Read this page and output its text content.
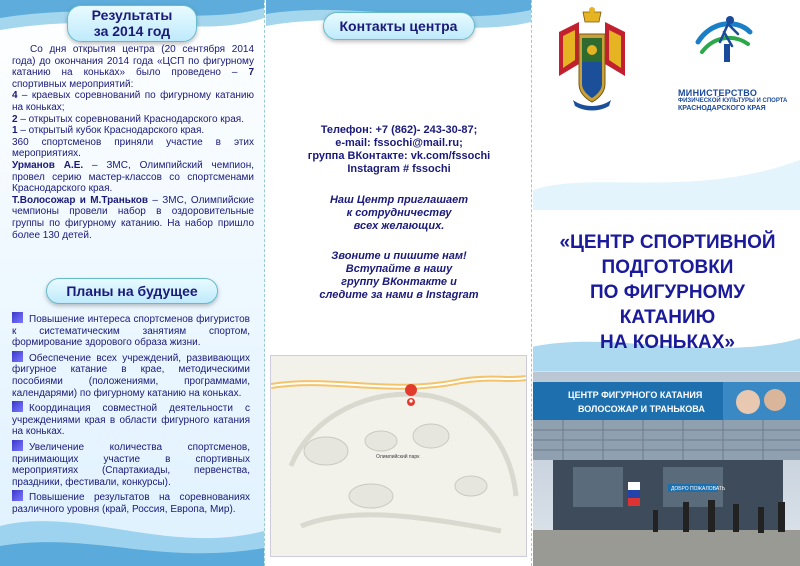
Результаты
за 2014 год

Со дня открытия центра (20 сентября 2014 года) до окончания 2014 года «ЦСП по фигурному катанию на коньках» было проведено – 7 спортивных мероприятий:

4 – краевых соревнований по фигурному катанию на коньках;

2 – открытых соревнований Краснодарского края.

1 – открытый кубок Краснодарского края.

360 спортсменов приняли участие в этих мероприятиях.

Урманов А.Е. – ЗМС, Олимпийский чемпион, провел серию мастер-классов со спортсменами Краснодарского края.

Т.Волосожар и М.Траньков – ЗМС, Олимпийские чемпионы провели набор в оздоровительные группы по фигурному катанию. На набор пришло более 130 детей.

Планы на будущее

Повышение интереса спортсменов фигуристов к систематическим занятиям спортом, формирование здорового образа жизни.

Обеспечение всех учреждений, развивающих фигурное катание в крае, методическими пособиями (положениями, программами, календарями) по фигурному катанию на коньках.

Координация совместной деятельности с учреждениями края в области фигурного катания на коньках.

Увеличение количества спортсменов, принимающих участие в спортивных мероприятиях (Спартакиады, первенства, праздники, фестивали, конкурсы).

Повышение результатов на соревнованиях различного уровня (край, Россия, Европа, Мир).

Контакты центра
Телефон: +7 (862)- 243-30-87;
e-mail: fssochi@mail.ru;
группа ВКонтакте: vk.com/fssochi
Instagram # fssochi
Наш Центр приглашает
к сотрудничеству
всех желающих.
Звоните и пишите нам!
Вступайте в нашу
группу ВКонтакте и
следите за нами в Instagram
Олимпийский парк
МИНИСТЕРСТВО
ФИЗИЧЕСКОЙ КУЛЬТУРЫ И СПОРТА
КРАСНОДАРСКОГО КРАЯ
«ЦЕНТР СПОРТИВНОЙ
ПОДГОТОВКИ
ПО ФИГУРНОМУ КАТАНИЮ
НА КОНЬКАХ»
ЦЕНТР ФИГУРНОГО КАТАНИЯ
ВОЛОСОЖАР И ТРАНЬКОВА
ДОБРО ПОЖАЛОВАТЬ
